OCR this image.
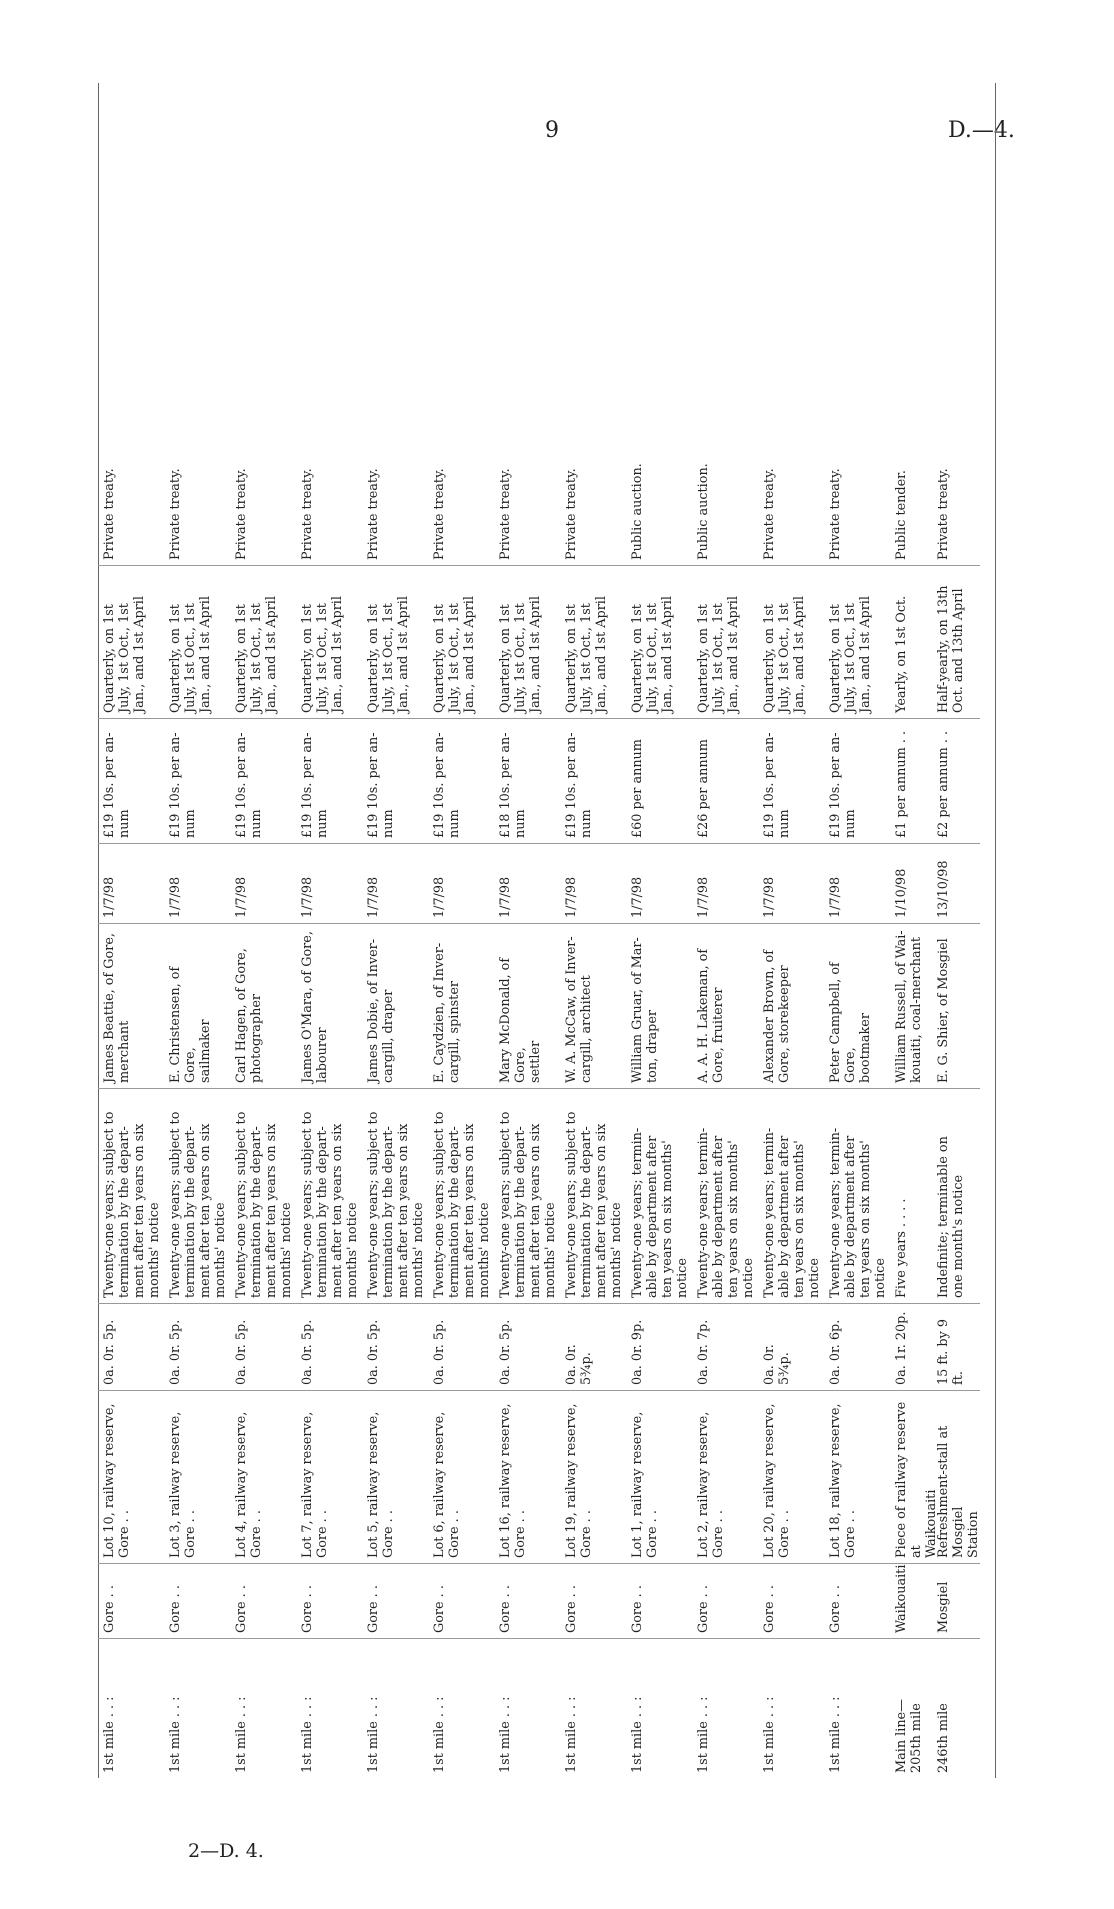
9	D.—4.
1st mile . . :
Gore . .
Lot 10, railway reserve, Gore . .
0a. 0r. 5p.
Twenty-one years; subject to
termination by the depart-
ment after ten years on six
months' notice
James Beattie, of Gore,
merchant
1/7/98
£19 10s. per an-
num
Quarterly, on 1st
July, 1st Oct., 1st
Jan., and 1st April
Private treaty.
1st mile . . :
Gore . .
Lot 3, railway reserve, Gore . .
0a. 0r. 5p.
Twenty-one years; subject to
termination by the depart-
ment after ten years on six
months' notice
E. Christensen, of Gore,
sailmaker
1/7/98
£19 10s. per an-
num
Quarterly, on 1st
July, 1st Oct., 1st
Jan., and 1st April
Private treaty.
1st mile . . :
Gore . .
Lot 4, railway reserve, Gore . .
0a. 0r. 5p.
Twenty-one years; subject to
termination by the depart-
ment after ten years on six
months' notice
Carl Hagen, of Gore,
photographer
1/7/98
£19 10s. per an-
num
Quarterly, on 1st
July, 1st Oct., 1st
Jan., and 1st April
Private treaty.
1st mile . . :
Gore . .
Lot 7, railway reserve, Gore . .
0a. 0r. 5p.
Twenty-one years; subject to
termination by the depart-
ment after ten years on six
months' notice
James O'Mara, of Gore,
labourer
1/7/98
£19 10s. per an-
num
Quarterly, on 1st
July, 1st Oct., 1st
Jan., and 1st April
Private treaty.
1st mile . . :
Gore . .
Lot 5, railway reserve, Gore . .
0a. 0r. 5p.
Twenty-one years; subject to
termination by the depart-
ment after ten years on six
months' notice
James Dobie, of Inver-
cargill, draper
1/7/98
£19 10s. per an-
num
Quarterly, on 1st
July, 1st Oct., 1st
Jan., and 1st April
Private treaty.
1st mile . . :
Gore . .
Lot 6, railway reserve, Gore . .
0a. 0r. 5p.
Twenty-one years; subject to
termination by the depart-
ment after ten years on six
months' notice
E. Caydzien, of Inver-
cargill, spinster
1/7/98
£19 10s. per an-
num
Quarterly, on 1st
July, 1st Oct., 1st
Jan., and 1st April
Private treaty.
1st mile . . :
Gore . .
Lot 16, railway reserve, Gore . .
0a. 0r. 5p.
Twenty-one years; subject to
termination by the depart-
ment after ten years on six
months' notice
Mary McDonald, of Gore,
settler
1/7/98
£18 10s. per an-
num
Quarterly, on 1st
July, 1st Oct., 1st
Jan., and 1st April
Private treaty.
1st mile . . :
Gore . .
Lot 19, railway reserve, Gore . .
0a. 0r. 5¾p.
Twenty-one years; subject to
termination by the depart-
ment after ten years on six
months' notice
W. A. McCaw, of Inver-
cargill, architect
1/7/98
£19 10s. per an-
num
Quarterly, on 1st
July, 1st Oct., 1st
Jan., and 1st April
Private treaty.
1st mile . . :
Gore . .
Lot 1, railway reserve, Gore . .
0a. 0r. 9p.
Twenty-one years; termin-
able by department after
ten years on six months'
notice
William Gruar, of Mar-
ton, draper
1/7/98
£60 per annum
Quarterly, on 1st
July, 1st Oct., 1st
Jan., and 1st April
Public auction.
1st mile . . :
Gore . .
Lot 2, railway reserve, Gore . .
0a. 0r. 7p.
Twenty-one years; termin-
able by department after
ten years on six months'
notice
A. A. H. Lakeman, of
Gore, fruiterer
1/7/98
£26 per annum
Quarterly, on 1st
July, 1st Oct., 1st
Jan., and 1st April
Public auction.
1st mile . . :
Gore . .
Lot 20, railway reserve, Gore . .
0a. 0r. 5¾p.
Twenty-one years; termin-
able by department after
ten years on six months'
notice
Alexander Brown, of
Gore, storekeeper
1/7/98
£19 10s. per an-
num
Quarterly, on 1st
July, 1st Oct., 1st
Jan., and 1st April
Private treaty.
1st mile . . :
Gore . .
Lot 18, railway reserve, Gore . .
0a. 0r. 6p.
Twenty-one years; termin-
able by department after
ten years on six months'
notice
Peter Campbell, of Gore,
bootmaker
1/7/98
£19 10s. per an-
num
Quarterly, on 1st
July, 1st Oct., 1st
Jan., and 1st April
Private treaty.
Main line—
205th mile
Waikouaiti
Piece of railway reserve at
Waikouaiti
0a. 1r. 20p.
Five years . . . .
William Russell, of Wai-
kouaiti, coal-merchant
1/10/98
£1 per annum . .
Yearly, on 1st Oct.
Public tender.
246th mile
Mosgiel
Refreshment-stall at Mosgiel
Station
15 ft. by 9 ft.
Indefinite; terminable on
one month's notice
E. G. Shier, of Mosgiel
13/10/98
£2 per annum . .
Half-yearly, on 13th
Oct. and 13th April
Private treaty.
2—D. 4.
